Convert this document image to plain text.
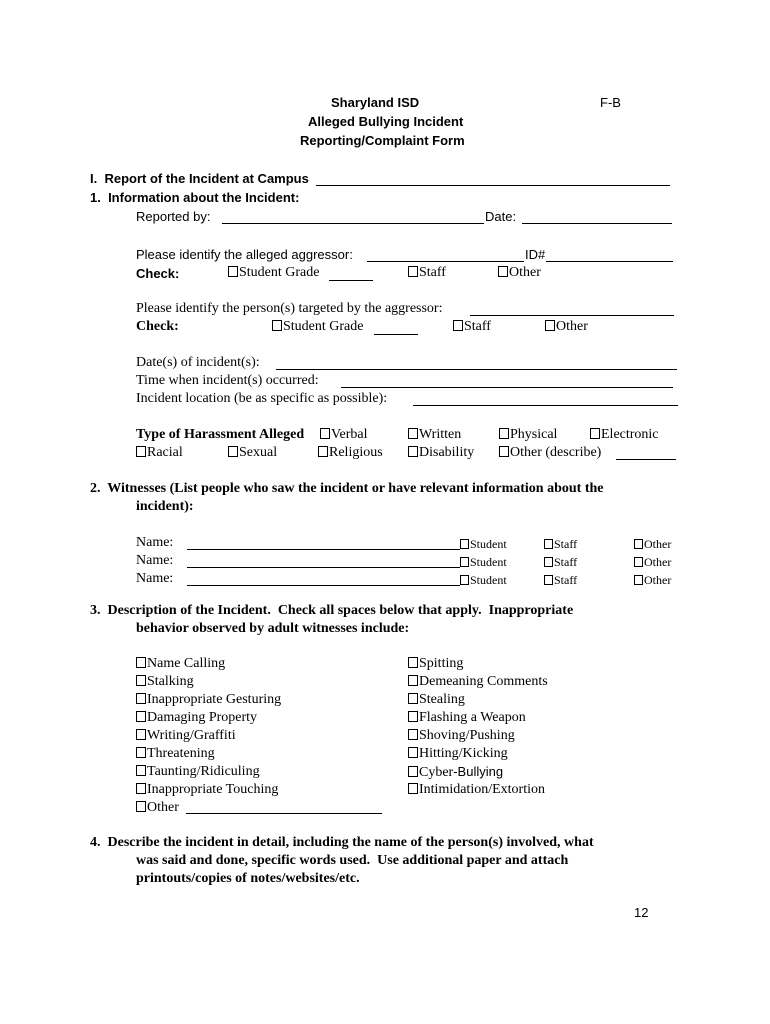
Sharyland ISD	F-B
Alleged Bullying Incident
Reporting/Complaint Form
I.  Report of the Incident at Campus
1.  Information about the Incident:
Reported by:	Date:
Please identify the alleged aggressor:	ID#
Check:	Student Grade	Staff	Other
Please identify the person(s) targeted by the aggressor:
Check:	Student Grade	Staff	Other
Date(s) of incident(s):
Time when incident(s) occurred:
Incident location (be as specific as possible):
Type of Harassment Alleged	Verbal	Written	Physical	Electronic
Racial	Sexual	Religious	Disability	Other (describe)
2.  Witnesses (List people who saw the incident or have relevant information about the
incident):
Name:	Student	Staff	Other
Name:	Student	Staff	Other
Name:	Student	Staff	Other
3.  Description of the Incident.  Check all spaces below that apply.  Inappropriate
behavior observed by adult witnesses include:
Name Calling
Stalking
Inappropriate Gesturing
Damaging Property
Writing/Graffiti
Threatening
Taunting/Ridiculing
Inappropriate Touching
Other
Spitting
Demeaning Comments
Stealing
Flashing a Weapon
Shoving/Pushing
Hitting/Kicking
Cyber-Bullying
Intimidation/Extortion
4.  Describe the incident in detail, including the name of the person(s) involved, what
was said and done, specific words used.  Use additional paper and attach
printouts/copies of notes/websites/etc.
12
